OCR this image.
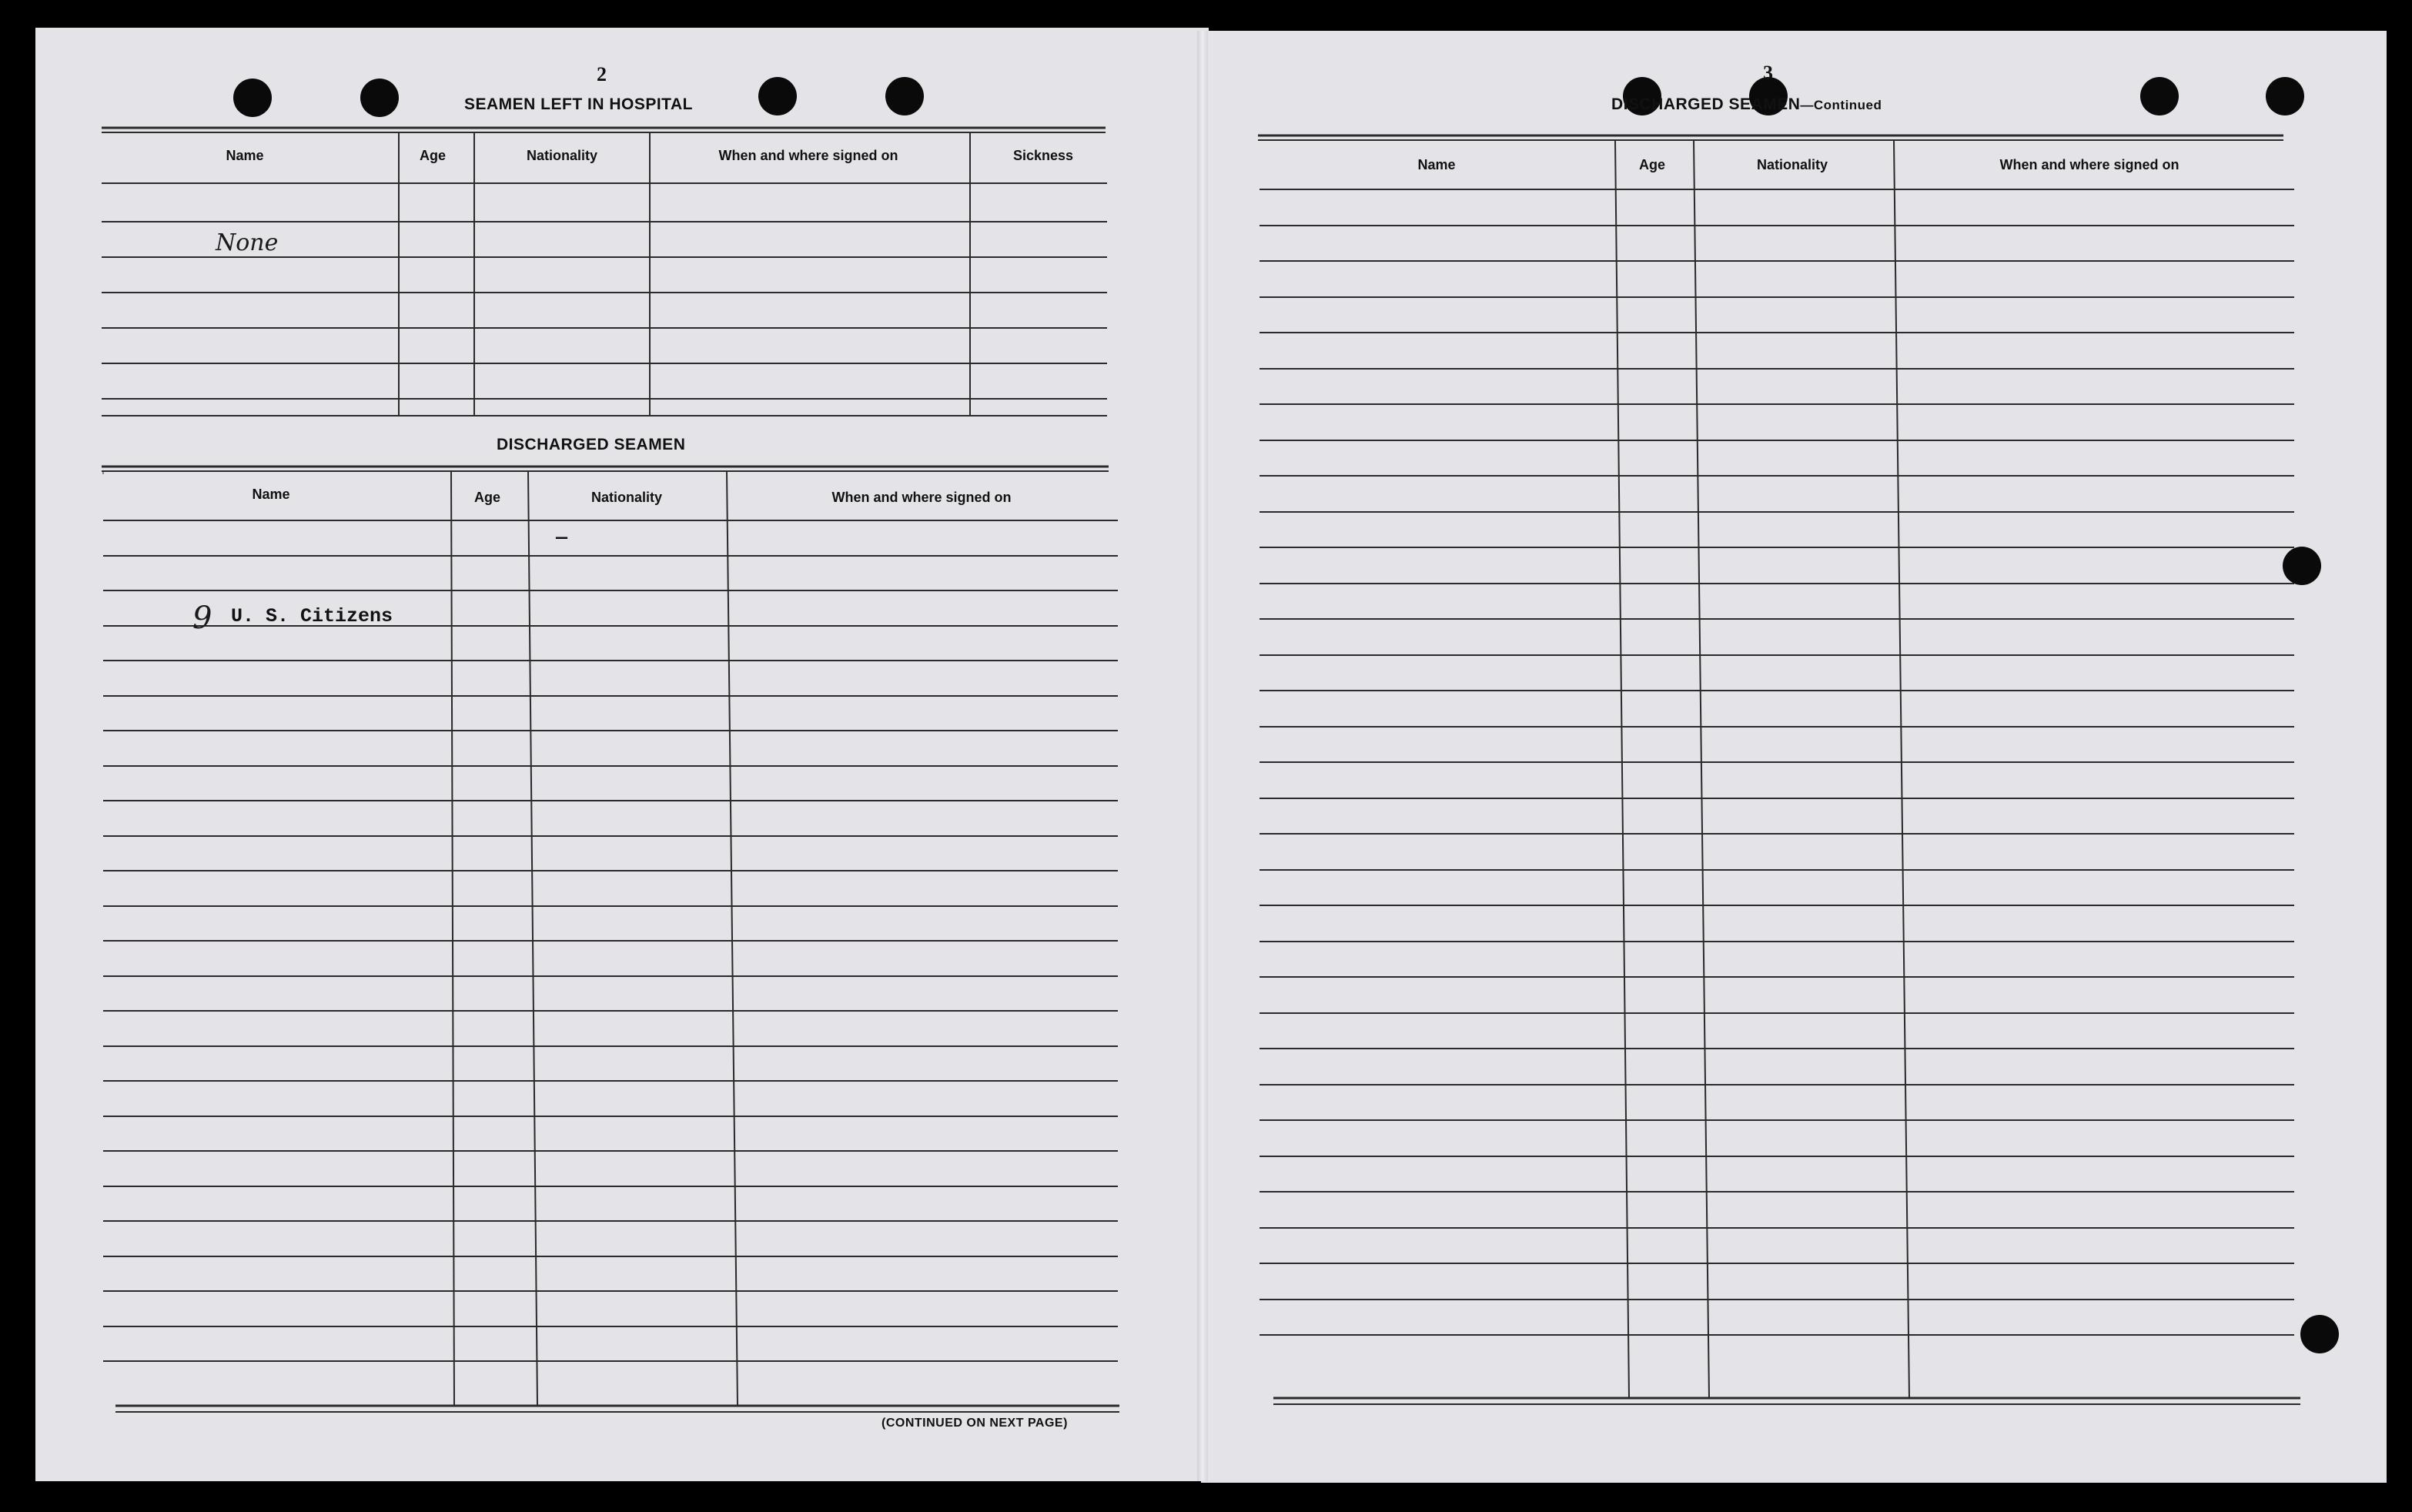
2
SEAMEN LEFT IN HOSPITAL
Name	Age	Nationality	When and where signed on	Sickness
None
DISCHARGED SEAMEN
Name	Age	Nationality	When and where signed on
—
9 U. S. Citizens
(CONTINUED ON NEXT PAGE)
3
DISCHARGED SEAMEN—Continued
Name	Age	Nationality	When and where signed on
